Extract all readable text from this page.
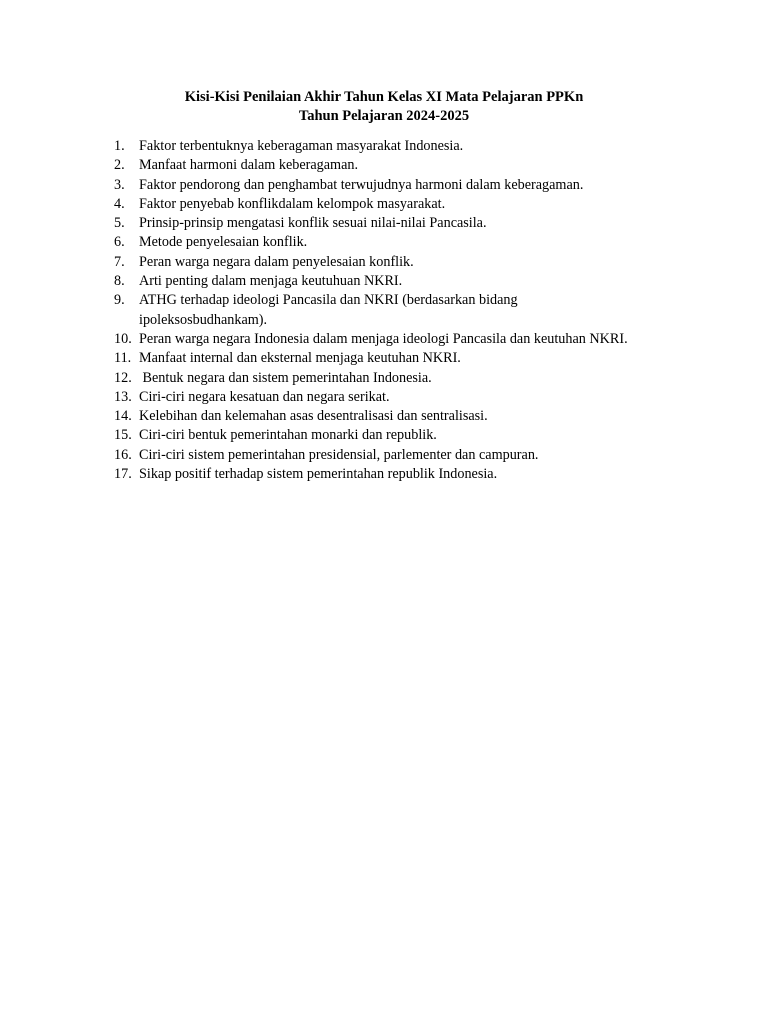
Kisi-Kisi Penilaian Akhir Tahun Kelas XI Mata Pelajaran PPKn
Tahun Pelajaran 2024-2025
1. Faktor terbentuknya keberagaman masyarakat Indonesia.
2. Manfaat harmoni dalam keberagaman.
3. Faktor pendorong dan penghambat terwujudnya harmoni dalam keberagaman.
4. Faktor penyebab konflikdalam kelompok masyarakat.
5. Prinsip-prinsip mengatasi konflik sesuai nilai-nilai Pancasila.
6. Metode penyelesaian konflik.
7. Peran warga negara dalam penyelesaian konflik.
8. Arti penting dalam menjaga keutuhuan NKRI.
9. ATHG terhadap ideologi Pancasila dan NKRI (berdasarkan bidang ipoleksosbudhankam).
10. Peran warga negara Indonesia dalam menjaga ideologi Pancasila dan keutuhan NKRI.
11. Manfaat internal dan eksternal menjaga keutuhan NKRI.
12. Bentuk negara dan sistem pemerintahan Indonesia.
13. Ciri-ciri negara kesatuan dan negara serikat.
14. Kelebihan dan kelemahan asas desentralisasi dan sentralisasi.
15. Ciri-ciri bentuk pemerintahan monarki dan republik.
16. Ciri-ciri sistem pemerintahan presidensial, parlementer dan campuran.
17. Sikap positif terhadap sistem pemerintahan republik Indonesia.
